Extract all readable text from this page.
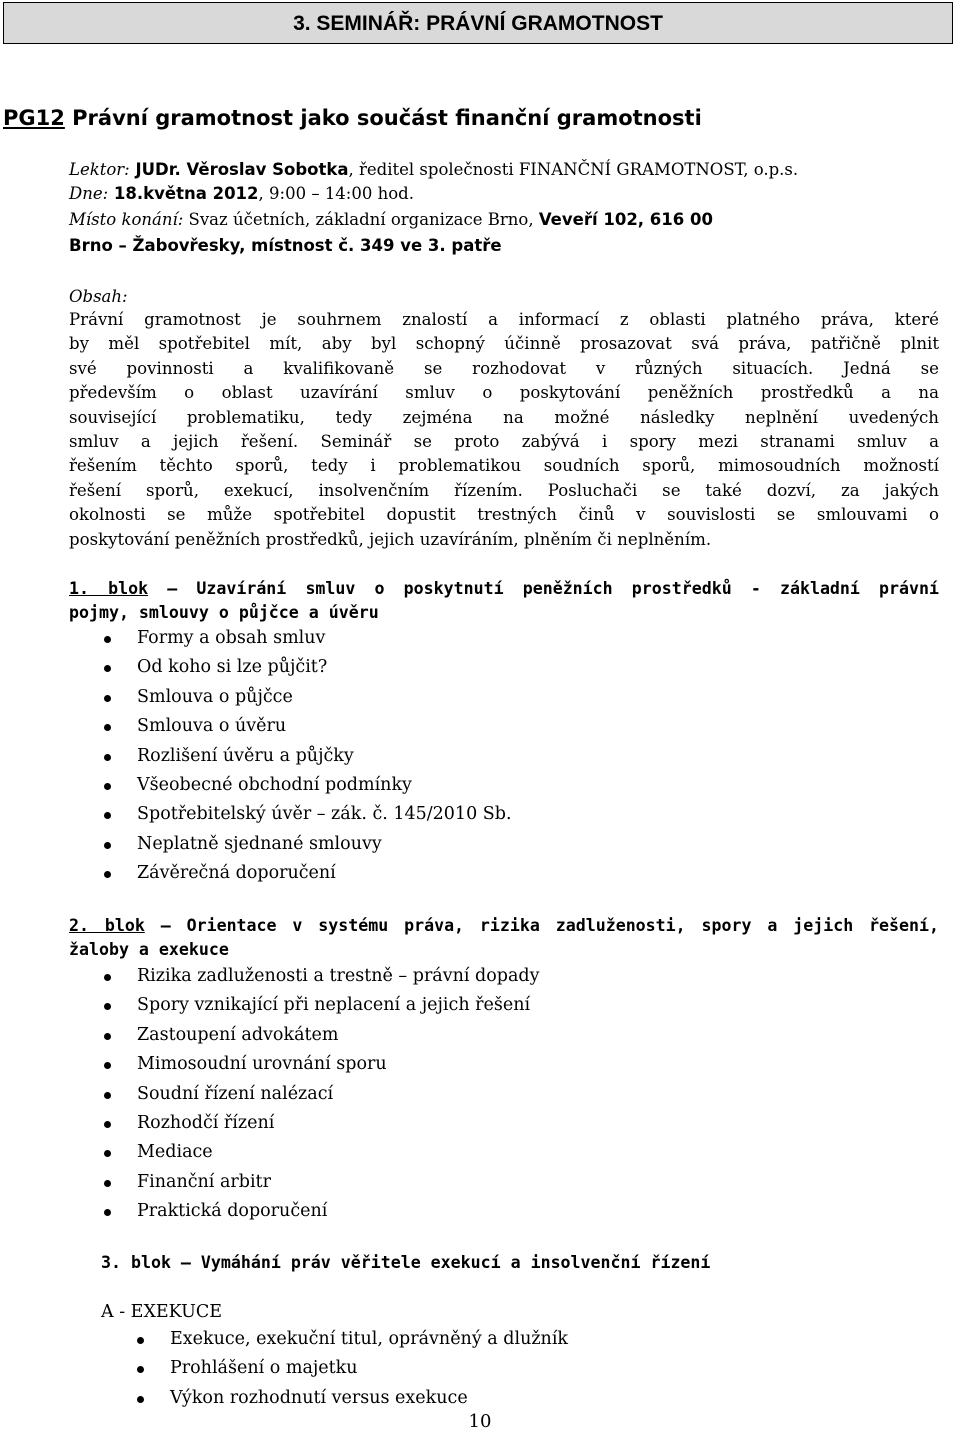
3. SEMINÁŘ: PRÁVNÍ GRAMOTNOST
PG12 Právní gramotnost jako součást finanční gramotnosti
Lektor: JUDr. Věroslav Sobotka, ředitel společnosti FINANČNÍ GRAMOTNOST, o.p.s.
Dne: 18.května 2012, 9:00 – 14:00 hod.
Místo konání: Svaz účetních, základní organizace Brno, Veveří 102, 616 00
Brno – Žabovřesky, místnost č. 349 ve 3. patře
Obsah:
Právní gramotnost je souhrnem znalostí a informací z oblasti platného práva, které
by měl spotřebitel mít, aby byl schopný účinně prosazovat svá práva, patřičně plnit
své povinnosti a kvalifikovaně se rozhodovat v různých situacích. Jedná se
především o oblast uzavírání smluv o poskytování peněžních prostředků a na
související problematiku, tedy zejména na možné následky neplnění uvedených
smluv a jejich řešení. Seminář se proto zabývá i spory mezi stranami smluv a
řešením těchto sporů, tedy i problematikou soudních sporů, mimosoudních možností
řešení sporů, exekucí, insolvenčním řízením. Posluchači se také dozví, za jakých
okolnosti se může spotřebitel dopustit trestných činů v souvislosti se smlouvami o
poskytování peněžních prostředků, jejich uzavíráním, plněním či neplněním.
1. blok – Uzavírání smluv o poskytnutí peněžních prostředků - základní právní
pojmy, smlouvy o půjčce a úvěru
Formy a obsah smluv
Od koho si lze půjčit?
Smlouva o půjčce
Smlouva o úvěru
Rozlišení úvěru a půjčky
Všeobecné obchodní podmínky
Spotřebitelský úvěr – zák. č. 145/2010 Sb.
Neplatně sjednané smlouvy
Závěrečná doporučení
2. blok – Orientace v systému práva, rizika zadluženosti, spory a jejich řešení,
žaloby a exekuce
Rizika zadluženosti a trestně – právní dopady
Spory vznikající při neplacení a jejich řešení
Zastoupení advokátem
Mimosoudní urovnání sporu
Soudní řízení nalézací
Rozhodčí řízení
Mediace
Finanční arbitr
Praktická doporučení
3. blok – Vymáhání práv věřitele exekucí a insolvenční řízení
A - EXEKUCE
Exekuce, exekuční titul, oprávněný a dlužník
Prohlášení o majetku
Výkon rozhodnutí versus exekuce
10
